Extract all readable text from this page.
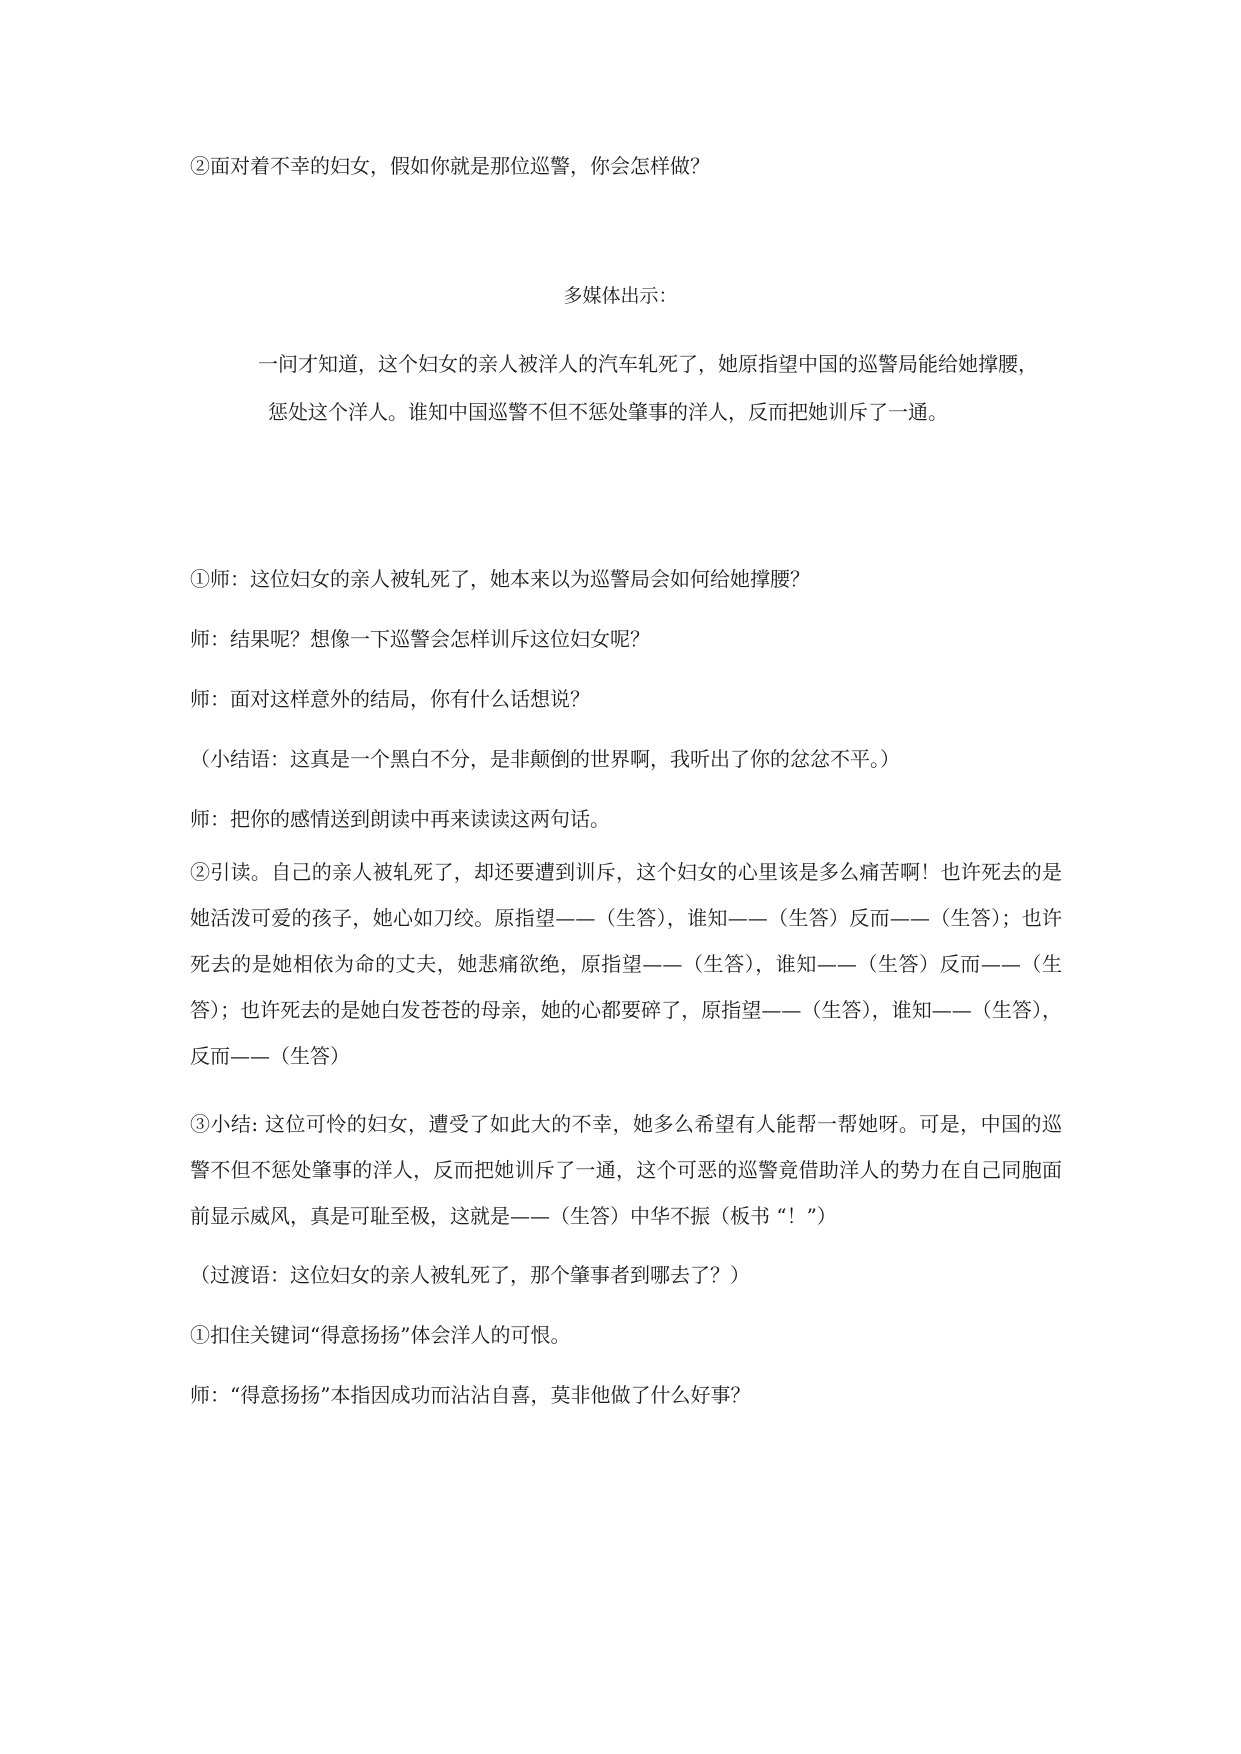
②面对着不幸的妇女，假如你就是那位巡警，你会怎样做？

多媒体出示：

一问才知道，这个妇女的亲人被洋人的汽车轧死了，她原指望中国的巡警局能给她撑腰，

惩处这个洋人。谁知中国巡警不但不惩处肇事的洋人，反而把她训斥了一通。

①师：这位妇女的亲人被轧死了，她本来以为巡警局会如何给她撑腰？

师：结果呢？想像一下巡警会怎样训斥这位妇女呢？

师：面对这样意外的结局，你有什么话想说？

（小结语：这真是一个黑白不分，是非颠倒的世界啊，我听出了你的忿忿不平。）

师：把你的感情送到朗读中再来读读这两句话。

②引读。自己的亲人被轧死了，却还要遭到训斥，这个妇女的心里该是多么痛苦啊！也许死去的是她活泼可爱的孩子，她心如刀绞。原指望——（生答），谁知——（生答）反而——（生答）；也许死去的是她相依为命的丈夫，她悲痛欲绝，原指望——（生答），谁知——（生答）反而——（生答）；也许死去的是她白发苍苍的母亲，她的心都要碎了，原指望——（生答），谁知——（生答），反而——（生答）

③小结: 这位可怜的妇女，遭受了如此大的不幸，她多么希望有人能帮一帮她呀。可是，中国的巡警不但不惩处肇事的洋人，反而把她训斥了一通，这个可恶的巡警竟借助洋人的势力在自己同胞面前显示威风，真是可耻至极，这就是——（生答）中华不振（板书 “！”）

（过渡语：这位妇女的亲人被轧死了，那个肇事者到哪去了？）

①扣住关键词“得意扬扬”体会洋人的可恨。

师：“得意扬扬”本指因成功而沾沾自喜，莫非他做了什么好事？
